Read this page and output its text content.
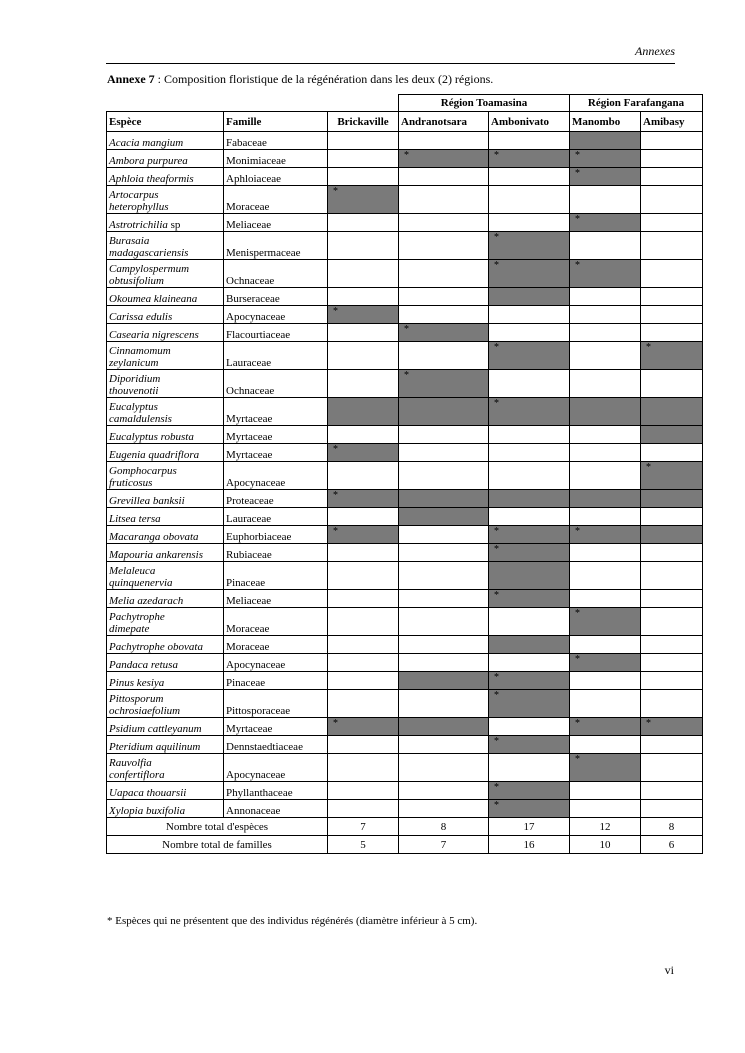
Annexes
Annexe 7 : Composition floristique de la régénération dans les deux (2) régions.
			Région Toamasina		Région Farafangana	
Espèce	Famille	Brickaville	Andranotsara	Ambonivato	Manombo	Amibasy
Acacia mangium	Fabaceae					
Ambora purpurea	Monimiaceae		*	*	*	
Aphloia theaformis	Aphloiaceae				*	
Artocarpus
heterophyllus	Moraceae	*				
Astrotrichilia sp	Meliaceae				*	
Burasaia
madagascariensis	Menispermaceae			*		
Campylospermum
obtusifolium	Ochnaceae			*	*	
Okoumea klaineana	Burseraceae					
Carissa edulis	Apocynaceae	*				
Casearia nigrescens	Flacourtiaceae		*			
Cinnamomum
zeylanicum	Lauraceae			*		*
Diporidium
thouvenotii	Ochnaceae		*			
Eucalyptus
camaldulensis	Myrtaceae			*		
Eucalyptus robusta	Myrtaceae					
Eugenia quadriflora	Myrtaceae	*				
Gomphocarpus
fruticosus	Apocynaceae					*
Grevillea banksii	Proteaceae	*				
Litsea tersa	Lauraceae					
Macaranga obovata	Euphorbiaceae	*		*	*	
Mapouria ankarensis	Rubiaceae			*		
Melaleuca
quinquenervia	Pinaceae					
Melia azedarach	Meliaceae			*		
Pachytrophe
dimepate	Moraceae				*	
Pachytrophe obovata	Moraceae					
Pandaca retusa	Apocynaceae				*	
Pinus kesiya	Pinaceae			*		
Pittosporum
ochrosiaefolium	Pittosporaceae			*		
Psidium cattleyanum	Myrtaceae	*			*	*
Pteridium aquilinum	Dennstaedtiaceae			*		
Rauvolfia
confertiflora	Apocynaceae				*	
Uapaca thouarsii	Phyllanthaceae			*		
Xylopia buxifolia	Annonaceae			*		
Nombre total d'espèces		7	8	17	12	8
Nombre total de familles		5	7	16	10	6
* Espèces qui ne présentent que des individus régénérés (diamètre inférieur à 5 cm).
vi
